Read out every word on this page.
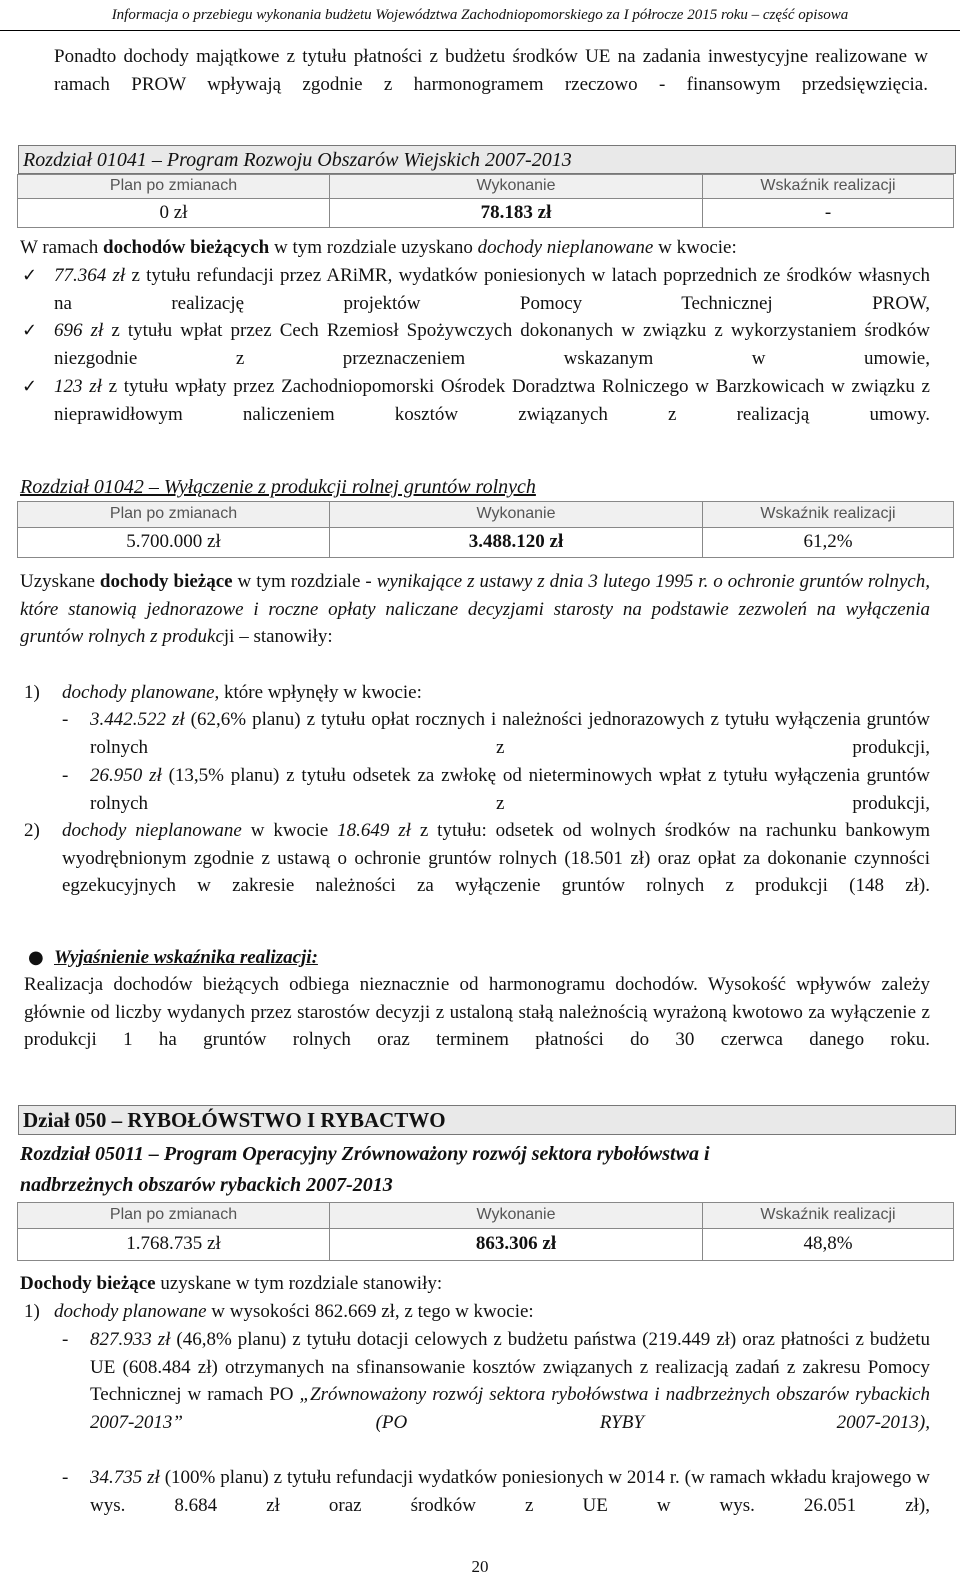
Informacja o przebiegu wykonania budżetu Województwa Zachodniopomorskiego za I półrocze 2015 roku – część opisowa
Ponadto dochody majątkowe z tytułu płatności z budżetu środków UE na zadania inwestycyjne realizowane w ramach PROW wpływają zgodnie z harmonogramem rzeczowo - finansowym przedsięwzięcia.
Rozdział 01041 – Program Rozwoju Obszarów Wiejskich 2007-2013
Plan po zmianach	Wykonanie	Wskaźnik realizacji
0 zł	78.183 zł	-
W ramach dochodów bieżących w tym rozdziale uzyskano dochody nieplanowane w kwocie:
✓ 77.364 zł z tytułu refundacji przez ARiMR, wydatków poniesionych w latach poprzednich ze środków własnych na realizację projektów Pomocy Technicznej PROW,
✓ 696 zł z tytułu wpłat przez Cech Rzemiosł Spożywczych dokonanych w związku z wykorzystaniem środków niezgodnie z przeznaczeniem wskazanym w umowie,
✓ 123 zł z tytułu wpłaty przez Zachodniopomorski Ośrodek Doradztwa Rolniczego w Barzkowicach w związku z nieprawidłowym naliczeniem kosztów związanych z realizacją umowy.
Rozdział 01042 – Wyłączenie z produkcji rolnej gruntów rolnych
Plan po zmianach	Wykonanie	Wskaźnik realizacji
5.700.000 zł	3.488.120 zł	61,2%
Uzyskane dochody bieżące w tym rozdziale - wynikające z ustawy z dnia 3 lutego 1995 r. o ochronie gruntów rolnych, które stanowią jednorazowe i roczne opłaty naliczane decyzjami starosty na podstawie zezwoleń na wyłączenia gruntów rolnych z produkcji – stanowiły:
1) dochody planowane, które wpłynęły w kwocie:
- 3.442.522 zł (62,6% planu) z tytułu opłat rocznych i należności jednorazowych z tytułu wyłączenia gruntów rolnych z produkcji,
- 26.950 zł (13,5% planu) z tytułu odsetek za zwłokę od nieterminowych wpłat z tytułu wyłączenia gruntów rolnych z produkcji,
2) dochody nieplanowane w kwocie 18.649 zł z tytułu: odsetek od wolnych środków na rachunku bankowym wyodrębnionym zgodnie z ustawą o ochronie gruntów rolnych (18.501 zł) oraz opłat za dokonanie czynności egzekucyjnych w zakresie należności za wyłączenie gruntów rolnych z produkcji (148 zł).
● Wyjaśnienie wskaźnika realizacji:
Realizacja dochodów bieżących odbiega nieznacznie od harmonogramu dochodów. Wysokość wpływów zależy głównie od liczby wydanych przez starostów decyzji z ustaloną stałą należnością wyrażoną kwotowo za wyłączenie z produkcji 1 ha gruntów rolnych oraz terminem płatności do 30 czerwca danego roku.
Dział 050 – RYBOŁÓWSTWO I RYBACTWO
Rozdział 05011 – Program Operacyjny Zrównoważony rozwój sektora rybołówstwa i
nadbrzeżnych obszarów rybackich 2007-2013
Plan po zmianach	Wykonanie	Wskaźnik realizacji
1.768.735 zł	863.306 zł	48,8%
Dochody bieżące uzyskane w tym rozdziale stanowiły:
1) dochody planowane w wysokości 862.669 zł, z tego w kwocie:
- 827.933 zł (46,8% planu) z tytułu dotacji celowych z budżetu państwa (219.449 zł) oraz płatności z budżetu UE (608.484 zł) otrzymanych na sfinansowanie kosztów związanych z realizacją zadań z zakresu Pomocy Technicznej w ramach PO „Zrównoważony rozwój sektora rybołówstwa i nadbrzeżnych obszarów rybackich 2007-2013” (PO RYBY 2007-2013),
- 34.735 zł (100% planu) z tytułu refundacji wydatków poniesionych w 2014 r. (w ramach wkładu krajowego w wys. 8.684 zł oraz środków z UE w wys. 26.051 zł),
20
